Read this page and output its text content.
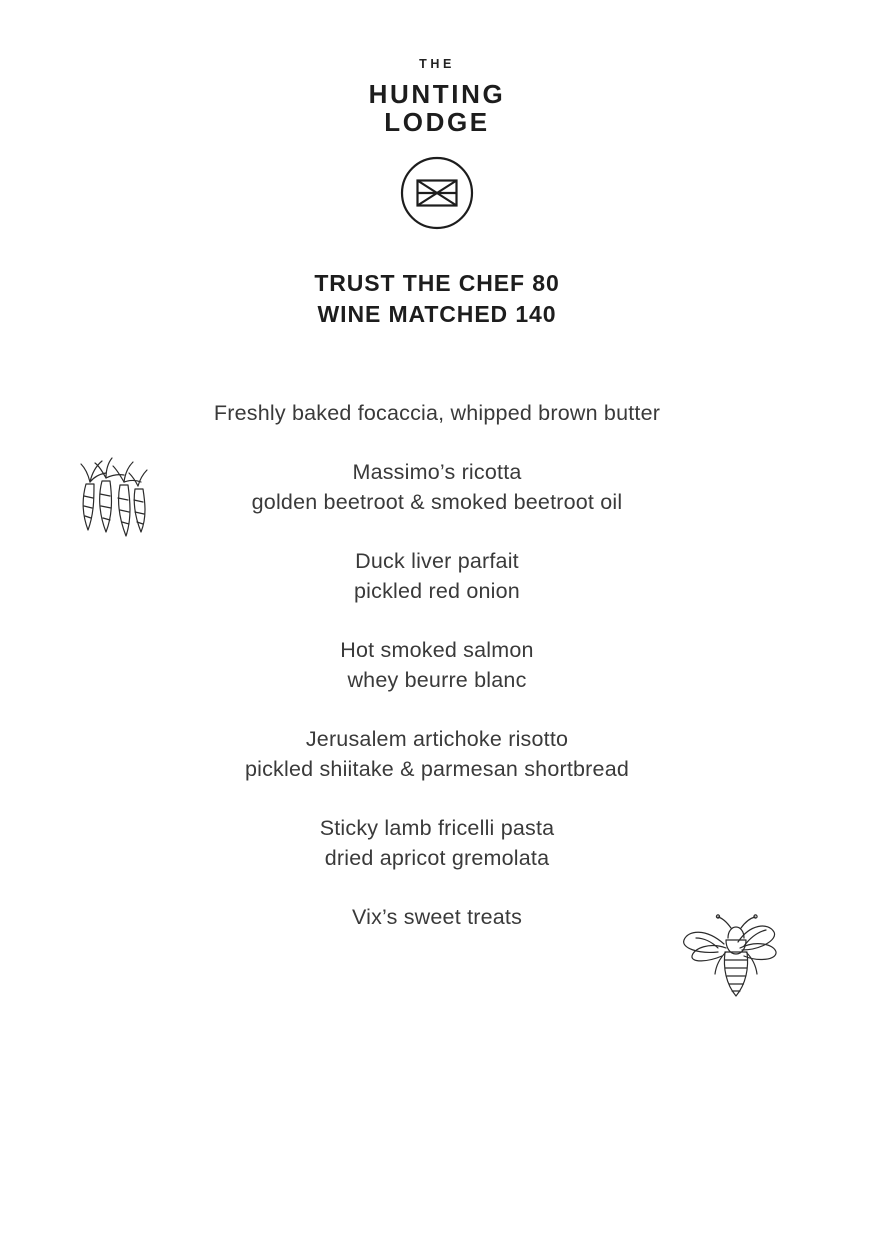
THE
HUNTING
LODGE
TRUST THE CHEF 80
WINE MATCHED 140
Freshly baked focaccia, whipped brown butter
Massimo’s ricotta
golden beetroot & smoked beetroot oil
Duck liver parfait
pickled red onion
Hot smoked salmon
whey beurre blanc
Jerusalem artichoke risotto
pickled shiitake & parmesan shortbread
Sticky lamb fricelli pasta
dried apricot gremolata
Vix’s sweet treats
